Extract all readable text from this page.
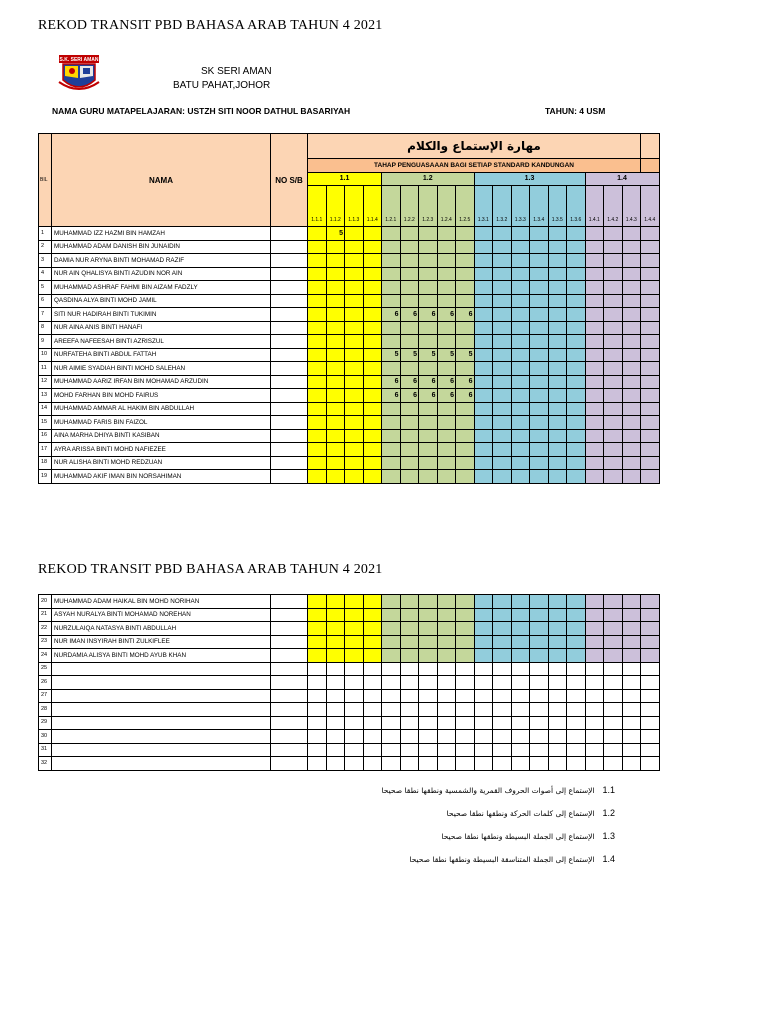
REKOD TRANSIT PBD BAHASA ARAB TAHUN 4 2021
S.K. SERI AMAN
SK SERI AMAN
BATU PAHAT,JOHOR
NAMA GURU MATAPELAJARAN: USTZH SITI NOOR DATHUL BASARIYAH	TAHUN: 4 USM
BIL	NAMA	NO S/B	مهارة الإستماع والكلام																		
			TAHAP PENGUASAAAN BAGI SETIAP STANDARD KANDUNGAN																		
			1.1				1.2					1.3						1.4			
			1.1.1	1.1.2	1.1.3	1.1.4	1.2.1	1.2.2	1.2.3	1.2.4	1.2.5	1.3.1	1.3.2	1.3.3	1.3.4	1.3.5	1.3.6	1.4.1	1.4.2	1.4.3	1.4.4
1	MUHAMMAD IZZ HAZMI BIN HAMZAH			5																	
2	MUHAMMAD ADAM DANISH BIN JUNAIDIN																				
3	DAMIA NUR ARYNA BINTI MOHAMAD RAZIF																				
4	NUR AIN QHALISYA BINTI AZUDIN NOR AIN																				
5	MUHAMMAD ASHRAF FAHMI BIN AIZAM FADZLY																				
6	QASDINA ALYA BINTI MOHD JAMIL																				
7	SITI NUR HADIRAH BINTI TUKIMIN						6	6	6	6	6										
8	NUR AINA ANIS BINTI HANAFI																				
9	AREEFA NAFEESAH BINTI AZRISZUL																				
10	NURFATEHA BINTI ABDUL FATTAH						5	5	5	5	5										
11	NUR AIMIE SYADIAH BINTI MOHD SALEHAN																				
12	MUHAMMAD AARIZ IRFAN BIN MOHAMAD ARZUDIN						6	6	6	6	6										
13	MOHD FARHAN BIN MOHD FAIRUS						6	6	6	6	6										
14	MUHAMMAD AMMAR AL HAKIM BIN ABDULLAH																				
15	MUHAMMAD FARIS BIN FAIZOL																				
16	AINA MARHA DHIYA BINTI KASIBAN																				
17	AYRA ARISSA BINTI MOHD NAFIEZEE																				
18	NUR ALISHA BINTI MOHD REDZUAN																				
19	MUHAMMAD AKIF IMAN BIN NORSAHIMAN																				
REKOD TRANSIT PBD BAHASA ARAB TAHUN 4 2021
20	MUHAMMAD ADAM HAIKAL BIN MOHD NORIHAN																				
21	ASYAH NURALYA BINTI MOHAMAD NOREHAN																				
22	NURZULAIQA NATASYA BINTI ABDULLAH																				
23	NUR IMAN INSYIRAH BINTI ZULKIFLEE																				
24	NURDAMIA ALISYA BINTI MOHD AYUB KHAN																				
25																					
26																					
27																					
28																					
29																					
30																					
31																					
32																					
1.1الإستماع إلى أصوات الحروف القمرية والشمسية ونطقها نطقا صحيحا
1.2الإستماع إلى كلمات الحركة ونطقها نطقا صحيحا
1.3الإستماع إلى الجملة البسيطة ونطقها نطقا صحيحا
1.4الإستماع إلى الجملة المتناسقة البسيطة ونطقها نطقا صحيحا
